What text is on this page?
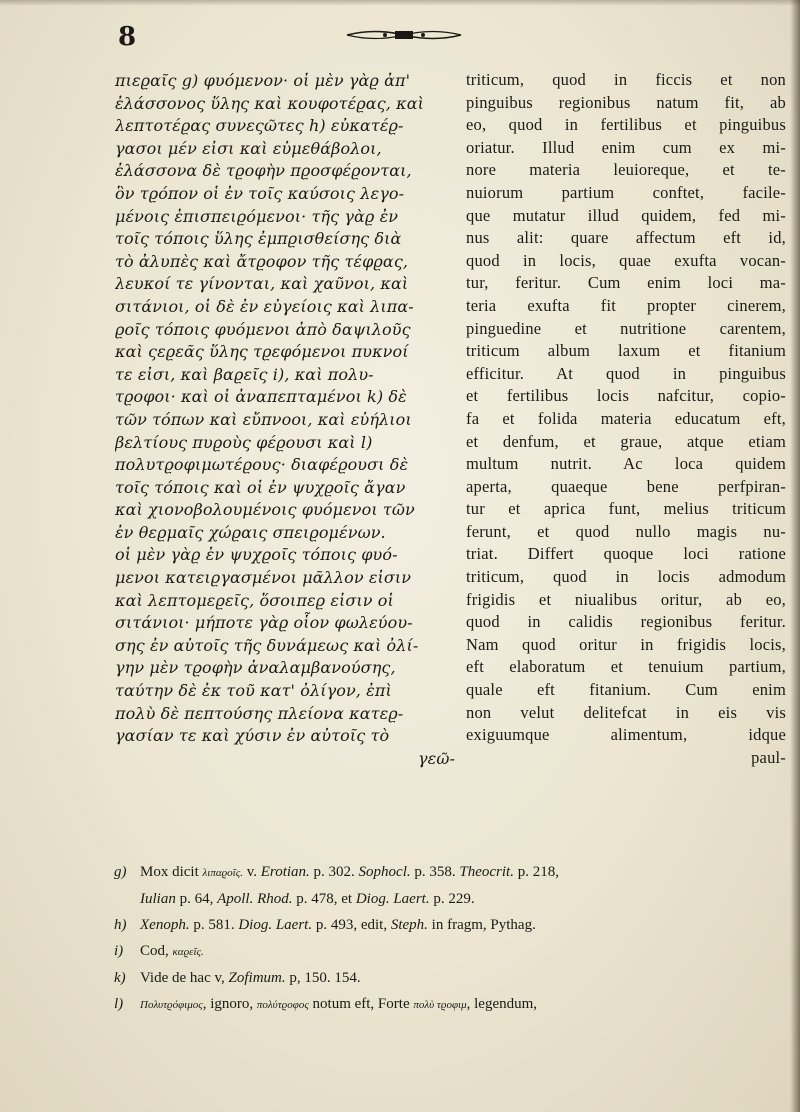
8
πιεϱαῖς g) φυόμενον· οἱ μὲν γὰϱ ἀπ'
ἐλάσσονος ὕλης καὶ κουφοτέϱας, καὶ
λεπτοτέϱας συνεςῶτες h) εὐκατέϱ-
γασοι μέν εἰσι καὶ εὐμεθάβολοι,
ἐλάσσονα δὲ τϱοφὴν πϱοσφέϱονται,
ὃν τϱόπον οἱ ἐν τοῖς καύσοις λεγο-
μένοις ἐπισπειϱόμενοι· τῆς γὰϱ ἐν
τοῖς τόποις ὕλης ἐμπϱισθείσης διὰ
τὸ ἀλυπὲς καὶ ἄτϱοφον τῆς τέφϱας,
λευκοί τε γίνονται, καὶ χαῦνοι, καὶ
σιτάνιοι, οἱ δὲ ἐν εὐγείοις καὶ λιπα-
ϱοῖς τόποις φυόμενοι ἀπὸ δαψιλοῦς
καὶ ςεϱεᾶς ὕλης τϱεφόμενοι πυκνοί
τε εἰσι, καὶ βαϱεῖς i), καὶ πολυ-
τϱοφοι· καὶ οἱ ἀναπεπταμένοι k) δὲ
τῶν τόπων καὶ εὔπνοοι, καὶ εὐήλιοι
βελτίους πυϱοὺς φέϱουσι καὶ l)
πολυτϱοφιμωτέϱους· διαφέϱουσι δὲ
τοῖς τόποις καὶ οἱ ἐν ψυχϱοῖς ἄγαν
καὶ χιονοβολουμένοις φυόμενοι τῶν
ἐν θεϱμαῖς χώϱαις σπειϱομένων.
οἱ μὲν γὰϱ ἐν ψυχϱοῖς τόποις φυό-
μενοι κατειϱγασμένοι μᾶλλον εἰσιν
καὶ λεπτομεϱεῖς, ὅσοιπεϱ εἰσιν οἱ
σιτάνιοι· μήποτε γὰϱ οἷον φωλεύου-
σης ἐν αὐτοῖς τῆς δυνάμεως καὶ ὀλί-
γην μὲν τϱοφὴν ἀναλαμβανούσης,
ταύτην δὲ ἐκ τοῦ κατ' ὀλίγον, ἐπὶ
πολὺ δὲ πεπτούσης πλείονα κατεϱ-
γασίαν τε καὶ χύσιν ἐν αὐτοῖς τὸ
γεῶ-
triticum, quod in ficcis et non
pinguibus regionibus natum fit, ab
eo, quod in fertilibus et pinguibus
oriatur. Illud enim cum ex mi-
nore materia leuioreque, et te-
nuiorum partium conftet, facile-
que mutatur illud quidem, fed mi-
nus alit: quare affectum eft id,
quod in locis, quae exufta vocan-
tur, feritur. Cum enim loci ma-
teria exufta fit propter cinerem,
pinguedine et nutritione carentem,
triticum album laxum et fitanium
efficitur. At quod in pinguibus
et fertilibus locis nafcitur, copio-
fa et folida materia educatum eft,
et denfum, et graue, atque etiam
multum nutrit. Ac loca quidem
aperta, quaeque bene perfpiran-
tur et aprica funt, melius triticum
ferunt, et quod nullo magis nu-
triat. Differt quoque loci ratione
triticum, quod in locis admodum
frigidis et niualibus oritur, ab eo,
quod in calidis regionibus feritur.
Nam quod oritur in frigidis locis,
eft elaboratum et tenuium partium,
quale eft fitanium. Cum enim
non velut delitefcat in eis vis
exiguumque alimentum, idque
paul-
g) Mox dicit λιπαϱοῖς. v. Erotian. p. 302. Sophocl. p. 358. Theocrit. p. 218,
Iulian p. 64, Apoll. Rhod. p. 478, et Diog. Laert. p. 229.
h) Xenoph. p. 581. Diog. Laert. p. 493, edit, Steph. in fragm, Pythag.
i) Cod, καϱεῖς.
k) Vide de hac v, Zofimum. p, 150. 154.
l) Πολυτϱόφιμος, ignoro, πολύτϱοφος notum eft, Forte πολὺ τϱοφιμ, legendum,
